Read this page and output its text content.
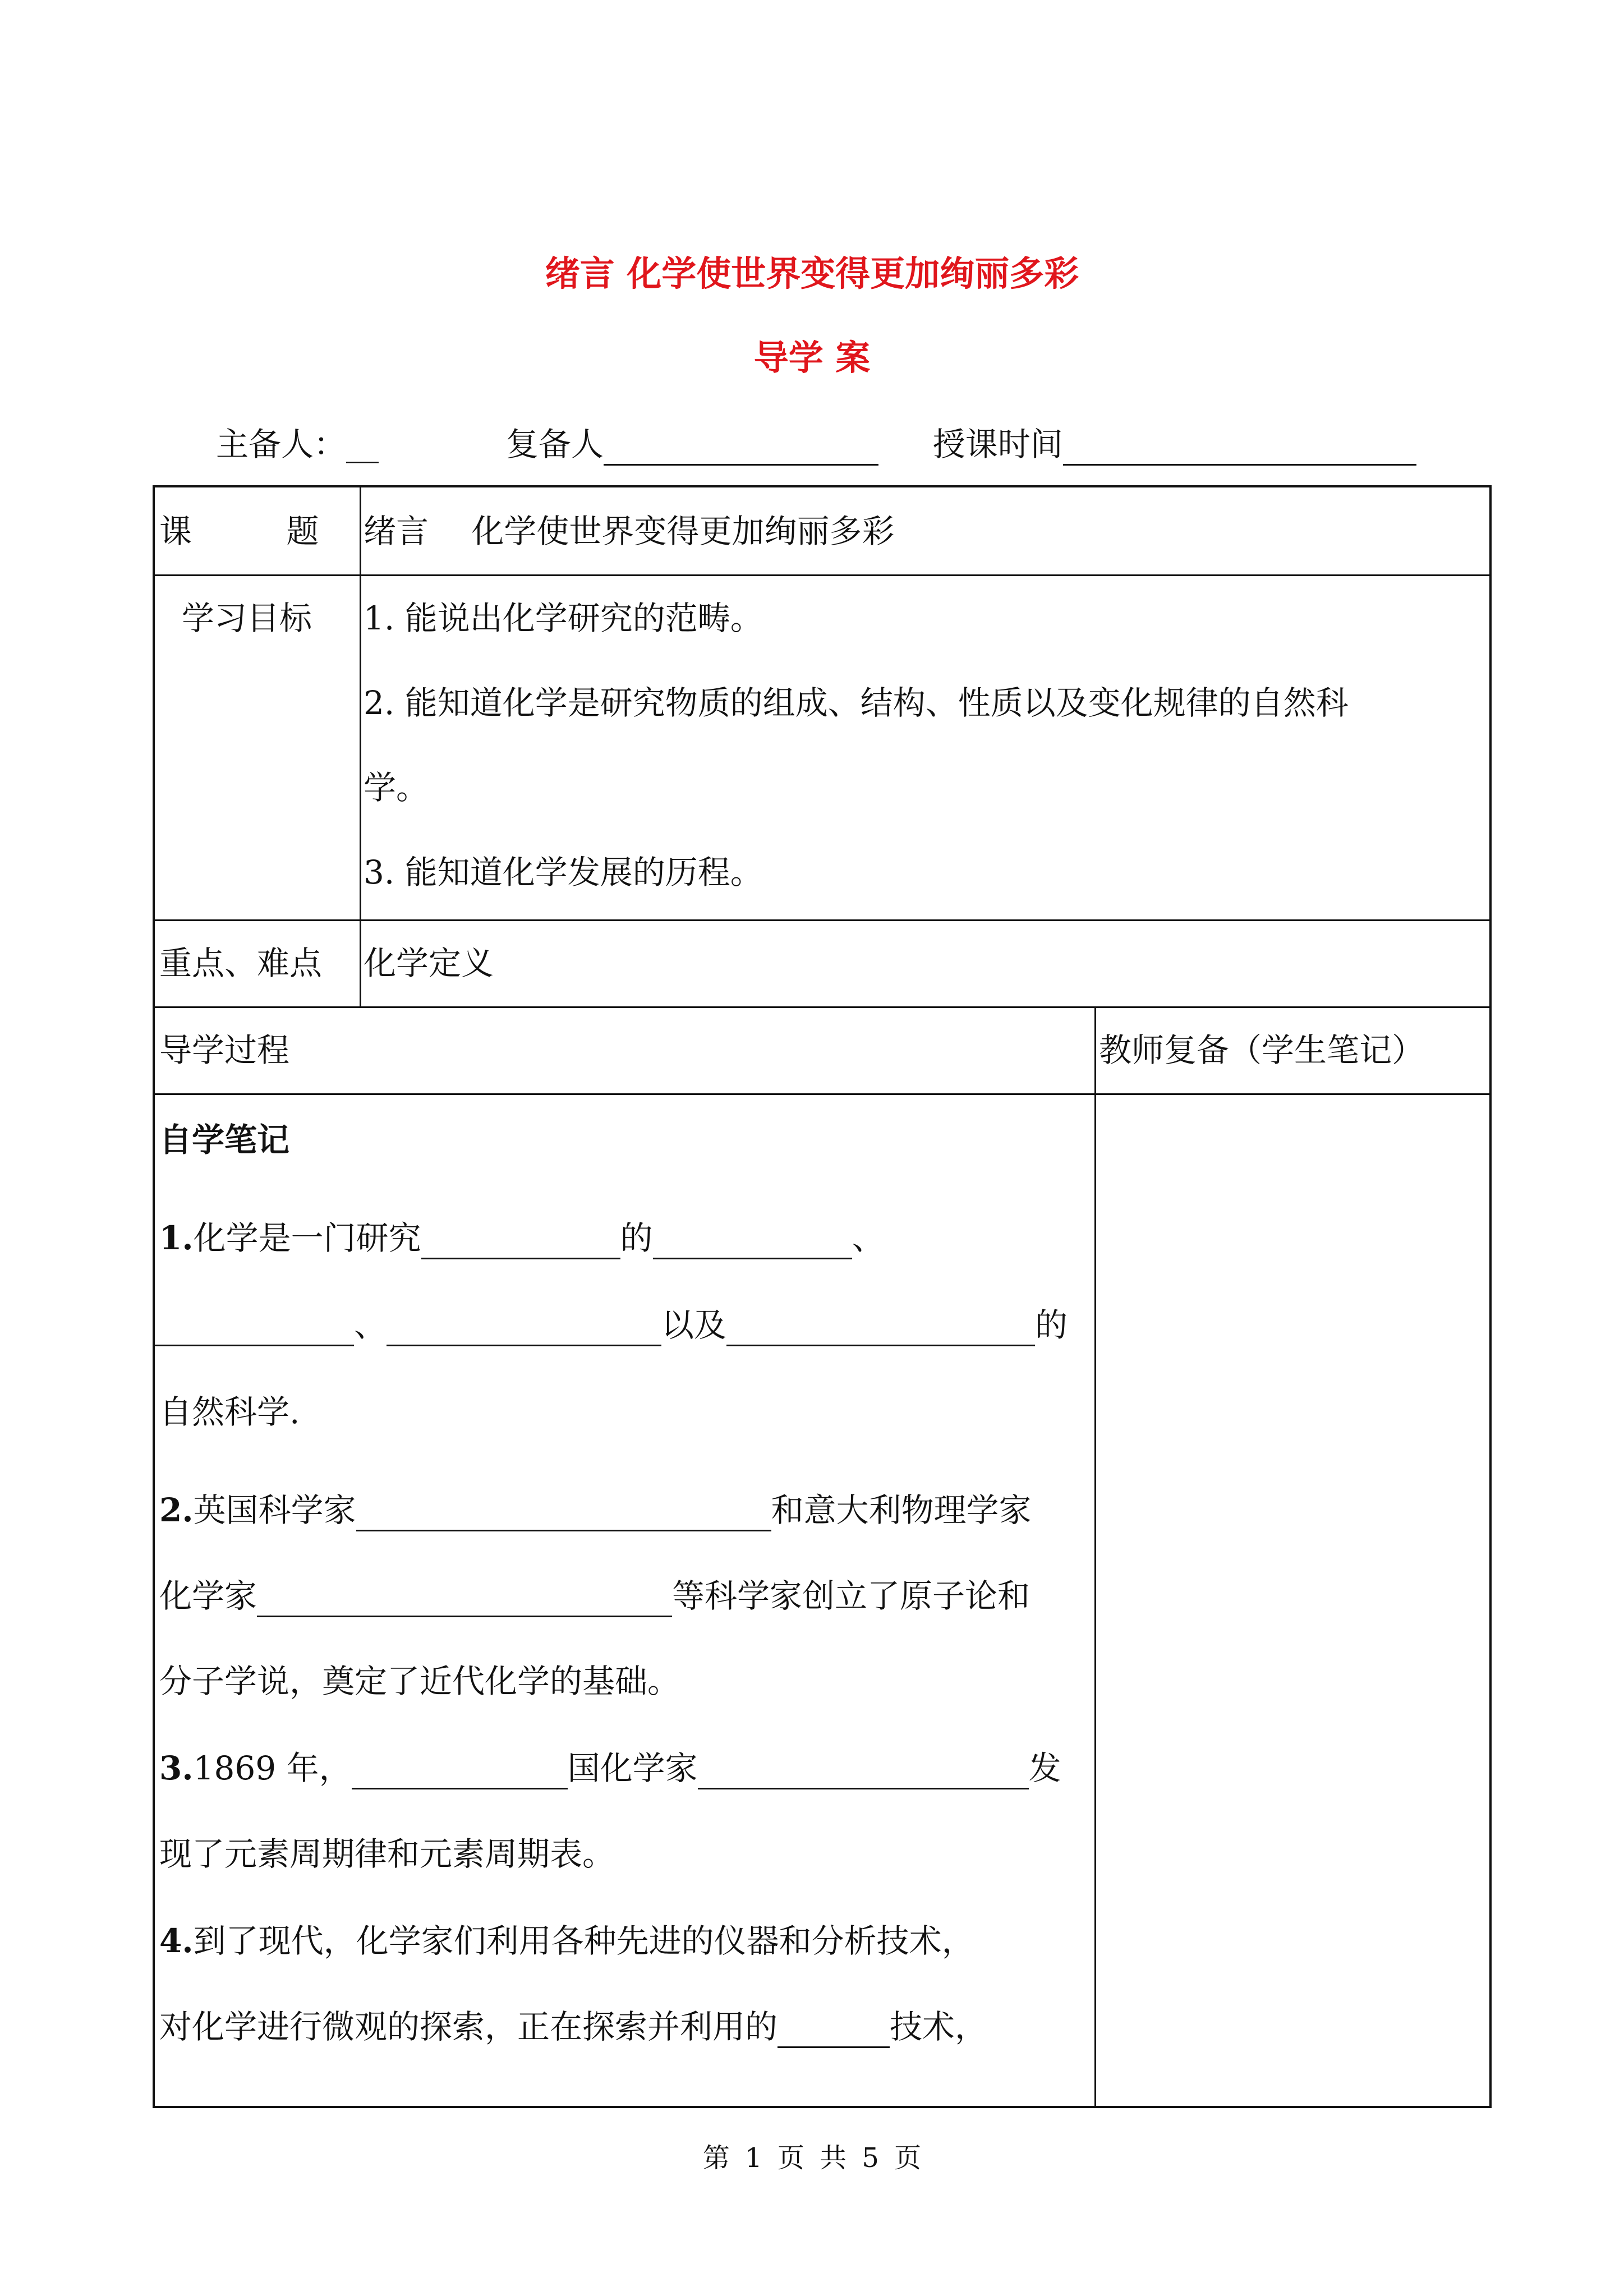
绪言 化学使世界变得更加绚丽多彩
导学 案
主备人：__	复备人	授课时间
课 题 绪言　 化学使世界变得更加绚丽多彩
学习目标 1. 能说出化学研究的范畴。
2. 能知道化学是研究物质的组成、结构、性质以及变化规律的自然科
学。
3. 能知道化学发展的历程。
重点、难点 化学定义
导学过程	教师复备（学生笔记）
自学笔记
1.化学是一门研究	的	、
、	以及	的
自然科学.
2.英国科学家	和意大利物理学家
化学家	等科学家创立了原子论和
分子学说，奠定了近代化学的基础。
3.1869 年，	国化学家	发
现了元素周期律和元素周期表。
4.到了现代，化学家们利用各种先进的仪器和分析技术，
对化学进行微观的探索，正在探索并利用的	技术，
第 1 页 共 5 页
